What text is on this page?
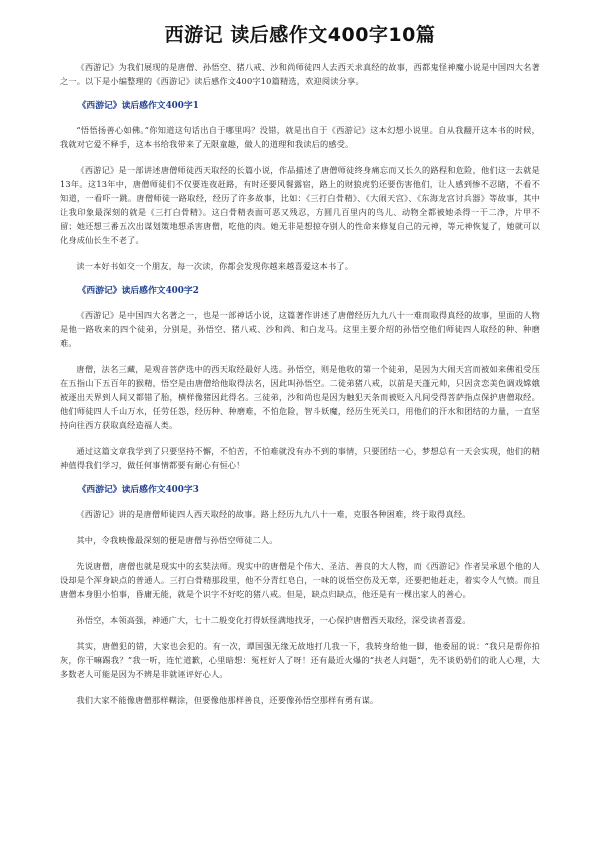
西游记 读后感作文400字10篇

《西游记》为我们展现的是唐僧、孙悟空、猪八戒、沙和尚师徒四人去西天求真经的故事，西都鬼怪神魔小说是中国四大名著之一。以下是小编整理的《西游记》读后感作文400字10篇精选，欢迎阅读分享。

《西游记》读后感作文400字1

“悟悟扬善心如佛。”你知道这句话出自于哪里吗？没错，就是出自于《西游记》这本幻想小说里。自从我翻开这本书的时候，我就对它爱不释手，这本书给我带来了无限童趣，做人的道理和我读后的感受。

《西游记》是一部讲述唐僧师徒西天取经的长篇小说，作品描述了唐僧师徒终身痛忘而又长久的路程和危险，他们这一去就是13年。这13年中，唐僧师徒们不仅要连夜赶路，有时还要风餐露宿，路上的财狼虎豹还要伤害他们，让人感到惨不忍睹，不看不知道，一看吓一跳。唐僧师徒一路取经，经历了许多故事，比如：《三打白骨精》、《大闹天宫》、《东海龙宫讨兵器》等故事，其中让我印象最深刻的就是《三打白骨精》。这白骨精表面可恶又残忍，方圆几百里内的鸟儿、动物全都被她杀得一干二净，片甲不留；她还想三番五次出谋划策地想杀害唐僧，吃他的肉。她无非是想掠夺别人的性命来修复自己的元神，等元神恢复了，她就可以化身成仙长生不老了。

读一本好书如交一个朋友，每一次读，你都会发现你越来越喜爱这本书了。

《西游记》读后感作文400字2

《西游记》是中国四大名著之一，也是一部神话小说，这篇著作讲述了唐僧经历九九八十一难而取得真经的故事，里面的人物是他一路收来的四个徒弟，分别是，孙悟空、猪八戒、沙和尚、和白龙马。这里主要介绍的孙悟空他们师徒四人取经的种、种磨难。

唐僧，法名三藏，是观音菩萨选中的西天取经最好人选。孙悟空，则是他收的第一个徒弟，是因为大闹天宫而被如来佛祖受压在五指山下五百年的猴精，悟空是由唐僧给他取得法名，因此叫孙悟空。二徒弟猪八戒，以前是天蓬元帅，只因贪恋美色调戏嫦娥被逐出天界到人间又都错了胎，横样像猪因此得名。三徒弟，沙和尚也是因为触犯天条而被贬入凡间受得菩萨指点保护唐僧取经。他们师徒四人千山万水，任劳任怨，经历种、种磨难，不怕危险，智斗妖魔，经历生死关口，用他们的汗水和团结的力量，一直坚持向往西方获取真经造福人类。

通过这篇文章我学到了只要坚持不懈，不怕苦，不怕难就没有办不到的事情，只要团结一心，梦想总有一天会实现，他们的精神值得我们学习，做任何事情都要有耐心有恒心！

《西游记》读后感作文400字3

《西游记》讲的是唐僧师徒四人西天取经的故事。路上经历九九八十一难，克服各种困难，终于取得真经。

其中，令我映像最深刻的便是唐僧与孙悟空师徒二人。

先说唐僧，唐僧也就是现实中的玄奘法师。现实中的唐僧是个伟大、圣洁、善良的大人物，而《西游记》作者吴承恩个他的人设却是个浑身缺点的普通人。三打白骨精那段里，他不分青红皂白，一味的说悟空伤及无辜，还要把他赶走，着实令人气愤。而且唐僧本身胆小怕事，昏庸无能，就是个识字不好吃的猪八戒。但是，缺点归缺点，他还是有一棵出家人的善心。

孙悟空，本领高强，神通广大，七十二般变化打得妖怪满地找牙，一心保护唐僧西天取经，深受读者喜爱。

其实，唐僧犯的错，大家也会犯的。有一次，谭国强无缘无故地打几我一下，我转身给他一脚，他委屈的说：“我只是帮你拍灰，你干嘛踢我？”我一听，连忙道歉，心里暗想：冤枉好人了呀！还有最近火爆的“扶老人问题”，先不谈奶奶们的讹人心理，大多数老人可能是因为不辨是非就诬评好心人。

我们大家不能像唐僧那样糊涂，但要像他那样善良，还要像孙悟空那样有勇有谋。
